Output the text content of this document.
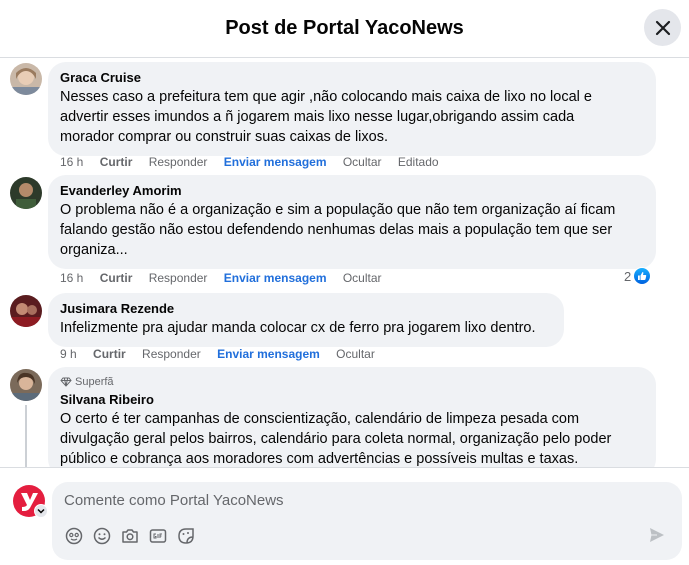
Post de Portal YacoNews
Graca Cruise
Nesses caso a prefeitura tem que agir ,não colocando mais caixa de lixo no local e
advertir esses imundos a ñ jogarem mais lixo nesse lugar,obrigando assim cada
morador comprar ou construir suas caixas de lixos.
16 h Curtir Responder Enviar mensagem Ocultar Editado
Evanderley Amorim
O problema não é a organização e sim a população que não tem organização aí ficam
falando gestão não estou defendendo nenhumas delas mais a população tem que ser
organiza...
16 h Curtir Responder Enviar mensagem Ocultar	2
Jusimara Rezende
Infelizmente pra ajudar manda colocar cx de ferro pra jogarem lixo dentro.
9 h Curtir Responder Enviar mensagem Ocultar
Superfã
Silvana Ribeiro
O certo é ter campanhas de conscientização, calendário de limpeza pesada com
divulgação geral pelos bairros, calendário para coleta normal, organização pelo poder
público e cobrança aos moradores com advertências e possíveis multas e taxas.
Comente como Portal YacoNews
